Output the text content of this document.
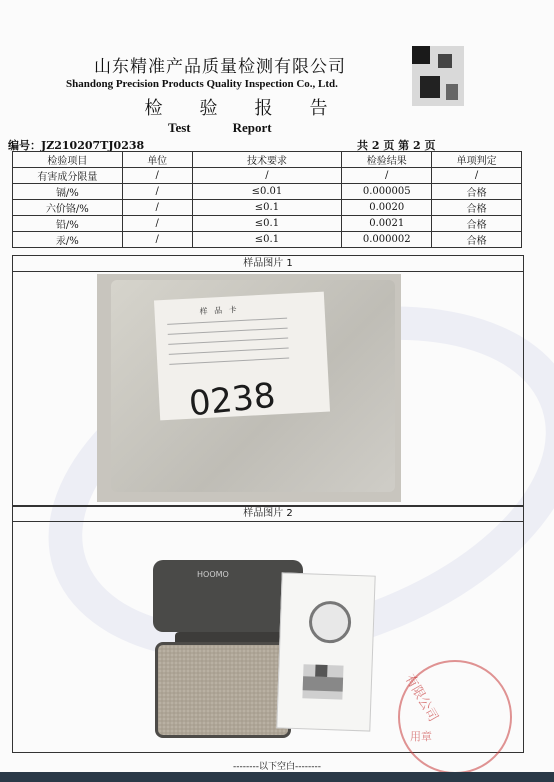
山东精准产品质量检测有限公司
Shandong Precision Products Quality Inspection Co., Ltd.
检 验 报 告
Test	Report
编号：JZ210207TJ0238	共 2 页 第 2 页
检验项目	单位	技术要求	检验结果	单项判定
有害成分限量	/	/	/	/
镉/%	/	≤0.01	0.000005	合格
六价铬/%	/	≤0.1	0.0020	合格
铅/%	/	≤0.1	0.0021	合格
汞/%	/	≤0.1	0.000002	合格
样品图片 1
样 品 卡
0238
样品图片 2
HOOMO
有限公司
用章
--------以下空白--------
